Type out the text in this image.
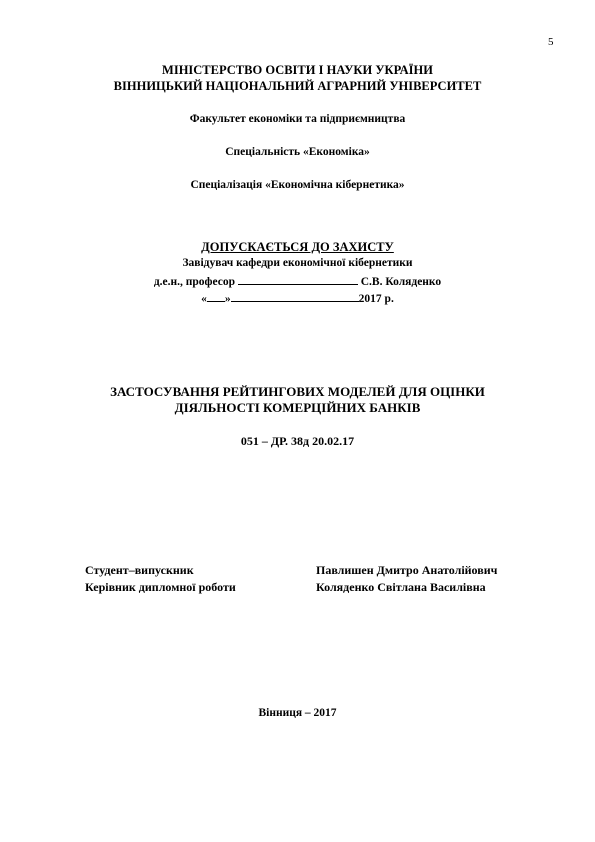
5
МІНІСТЕРСТВО ОСВІТИ І НАУКИ УКРАЇНИ
ВІННИЦЬКИЙ НАЦІОНАЛЬНИЙ АГРАРНИЙ УНІВЕРСИТЕТ
Факультет економіки та підприємництва
Спеціальність «Економіка»
Спеціалізація «Економічна кібернетика»
ДОПУСКАЄТЬСЯ ДО ЗАХИСТУ
Завідувач кафедри економічної кібернетики
д.е.н., професор	С.В. Коляденко
« »	2017 р.
ЗАСТОСУВАННЯ РЕЙТИНГОВИХ МОДЕЛЕЙ ДЛЯ ОЦІНКИ
ДІЯЛЬНОСТІ КОМЕРЦІЙНИХ БАНКІВ
051 – ДР. 38д 20.02.17
Студент–випускник	Павлишен Дмитро Анатолійович
Керівник дипломної роботи	Коляденко Світлана Василівна
Вінниця – 2017
